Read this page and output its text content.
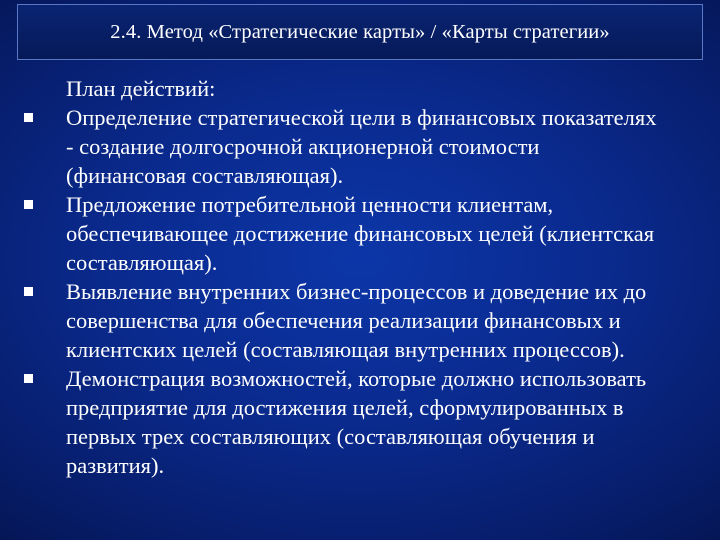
2.4. Метод «Стратегические карты» / «Карты стратегии»
План действий:
Определение стратегической цели в финансовых показателях
- создание долгосрочной акционерной стоимости
(финансовая составляющая).
Предложение потребительной ценности клиентам,
обеспечивающее достижение финансовых целей (клиентская
составляющая).
Выявление внутренних бизнес-процессов и доведение их до
совершенства для обеспечения реализации финансовых и
клиентских целей (составляющая внутренних процессов).
Демонстрация возможностей, которые должно использовать
предприятие для достижения целей, сформулированных в
первых трех составляющих (составляющая обучения и
развития).
